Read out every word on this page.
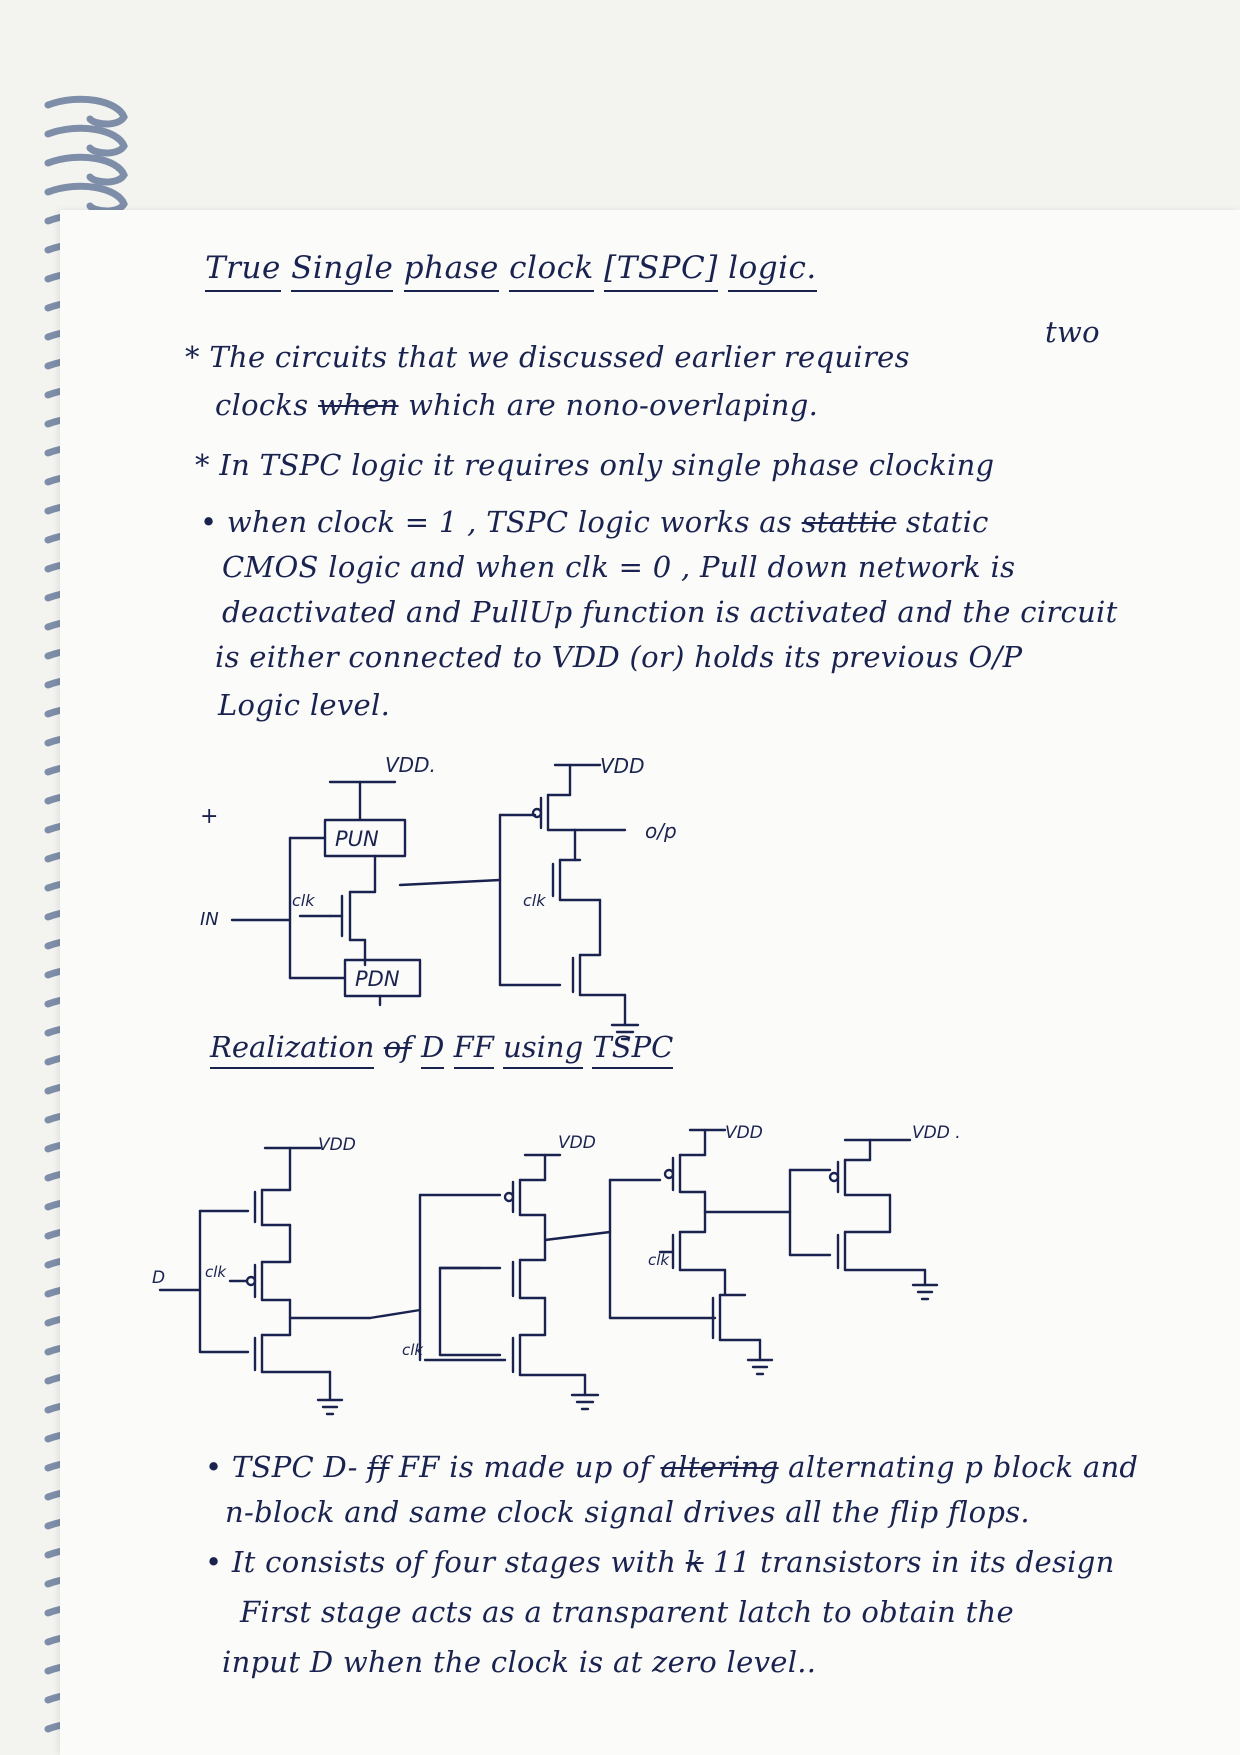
True Single phase clock [TSPC] logic.
* The circuits that we discussed earlier requires
two
clocks when which are nono-overlaping.
* In TSPC logic it requires only single phase clocking
• when clock = 1 , TSPC logic works as stattic static
CMOS logic and when clk = 0 , Pull down network is
deactivated and PullUp function is activated and the circuit
is either connected to VDD (or) holds its previous O/P
Logic level.
+
VDD.	VDD
PUN
PDN
IN
clk	clk
o/p
Realization of D FF using TSPC
VDD	VDD	VDD	VDD .
D	clk
clk
clk
• TSPC D- ff FF is made up of altering alternating p block and
n-block and same clock signal drives all the flip flops.
• It consists of four stages with k 11 transistors in its design
First stage acts as a transparent latch to obtain the
input D when the clock is at zero level..
